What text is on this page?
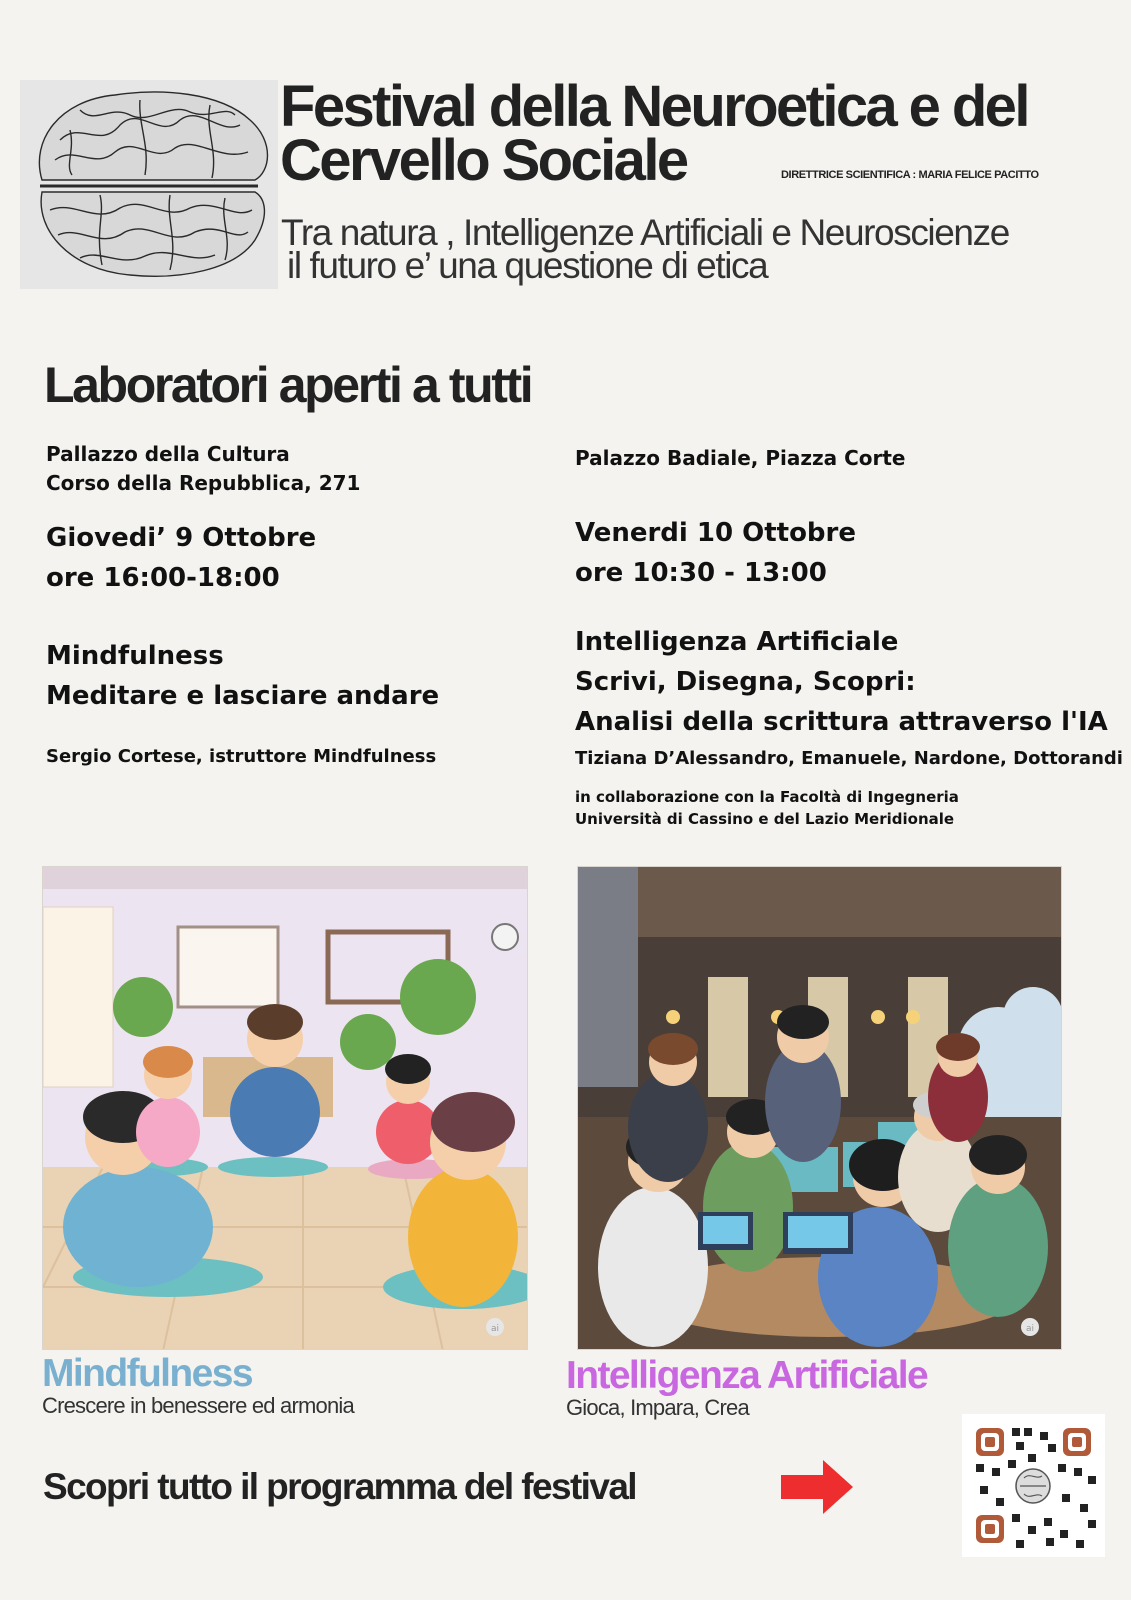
Festival della Neuroetica e del
Cervello Sociale	DIRETTRICE SCIENTIFICA : MARIA FELICE PACITTO
Tra natura , Intelligenze Artificiali e Neuroscienze
il futuro e’ una questione di etica
Laboratori aperti a tutti
Pallazzo della Cultura
Corso della Repubblica, 271
Giovedi’ 9 Ottobre
ore 16:00-18:00
Mindfulness
Meditare e lasciare andare
Sergio Cortese, istruttore Mindfulness
Palazzo Badiale, Piazza Corte
Venerdi 10 Ottobre
ore 10:30 - 13:00
Intelligenza Artificiale
Scrivi, Disegna, Scopri:
Analisi della scrittura attraverso l'IA
Tiziana D’Alessandro, Emanuele, Nardone, Dottorandi
in collaborazione con la Facoltà di Ingegneria
Università di Cassino e del Lazio Meridionale
ai	ai
Mindfulness
Crescere in benessere ed armonia
Intelligenza Artificiale
Gioca, Impara, Crea
Scopri tutto il programma del festival
